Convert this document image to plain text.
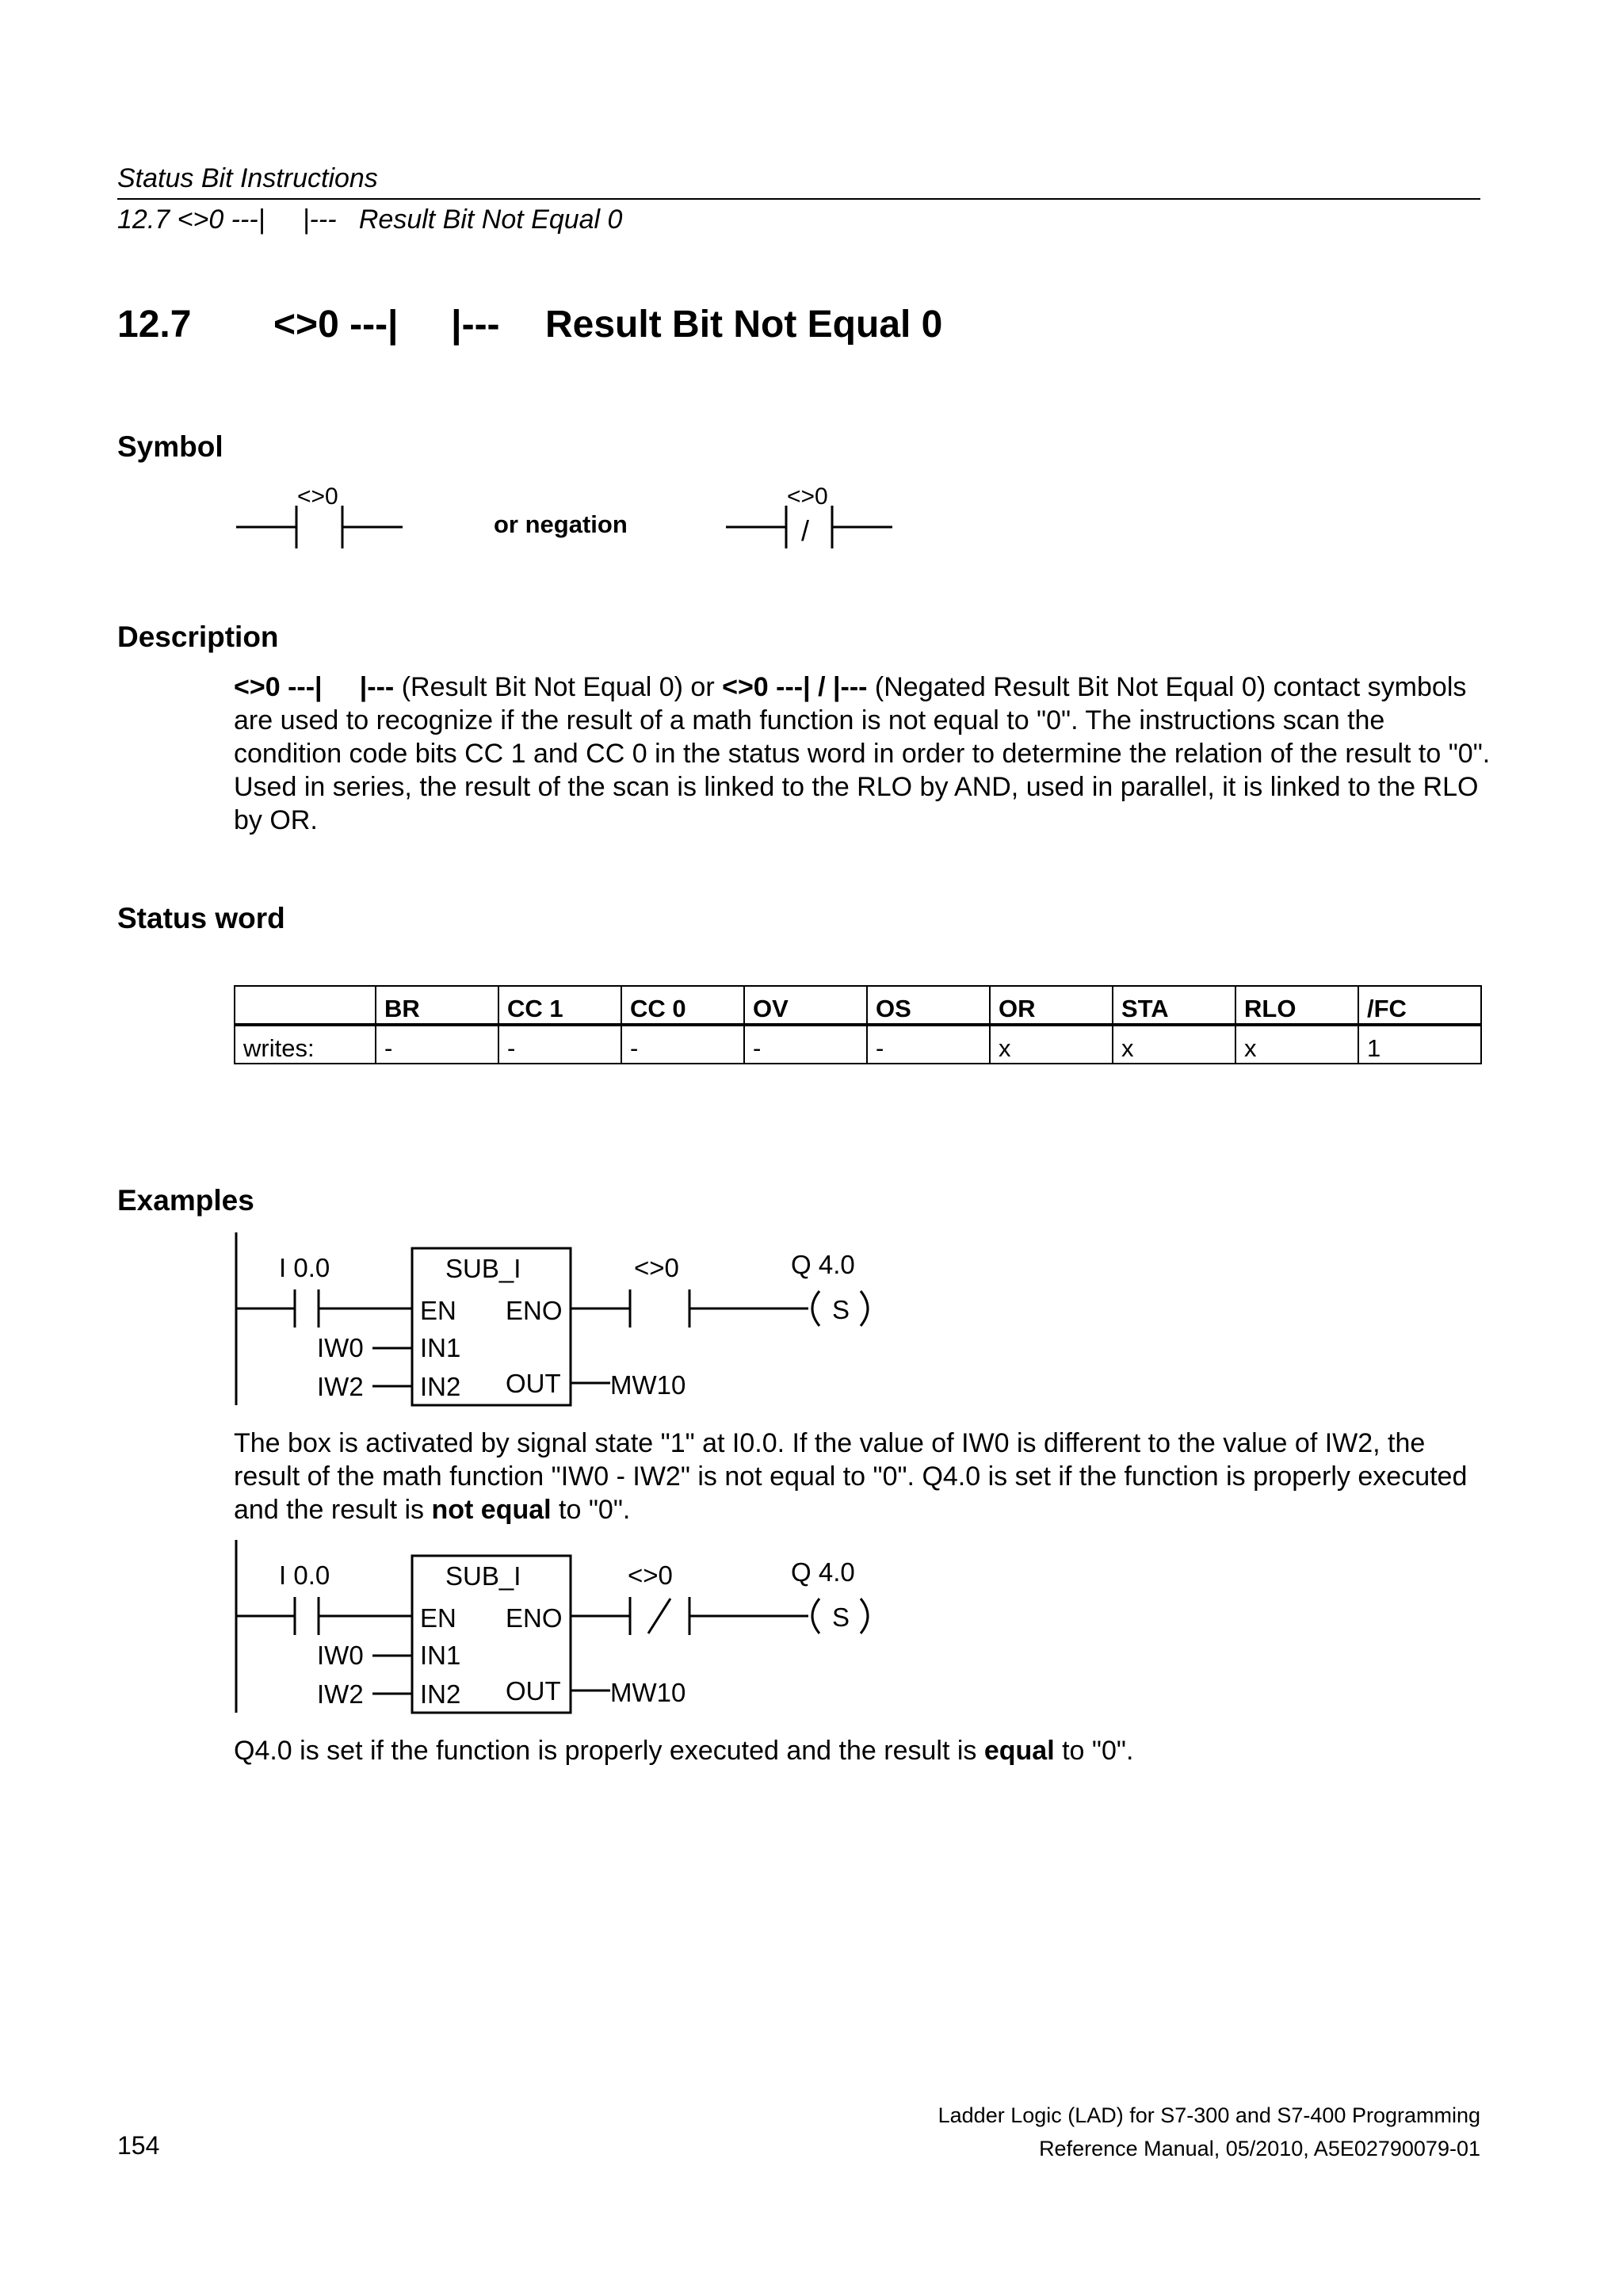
Status Bit Instructions
12.7 <>0 ---|     |---   Result Bit Not Equal 0
12.7 <>0 ---|     |--- Result Bit Not Equal 0
Symbol
<>0
or negation
<>0
/
Description

<>0 ---|     |--- (Result Bit Not Equal 0) or <>0 ---| / |--- (Negated Result Bit Not Equal 0) contact symbols are used to recognize if the result of a math function is not equal to "0". The instructions scan the condition code bits CC 1 and CC 0 in the status word in order to determine the relation of the result to "0". Used in series, the result of the scan is linked to the RLO by AND, used in parallel, it is linked to the RLO by OR.

Status word
	BR	CC 1	CC 0	OV	OS	OR	STA	RLO	/FC
writes:	-	-	-	-	-	x	x	x	1
Examples
I 0.0	SUB_I
EN ENO
IN1
IN2 OUT
IW0
IW2	MW10
<>0	Q 4.0
S
The box is activated by signal state "1" at I0.0. If the value of IW0 is different to the value of IW2, the result of the math function "IW0 - IW2" is not equal to "0". Q4.0 is set if the function is properly executed and the result is not equal to "0".
I 0.0	SUB_I
EN ENO
IN1
IN2 OUT
IW0
IW2	MW10
<>0	Q 4.0
S
Q4.0 is set if the function is properly executed and the result is equal to "0".
154
Ladder Logic (LAD) for S7-300 and S7-400 Programming
Reference Manual, 05/2010, A5E02790079-01
